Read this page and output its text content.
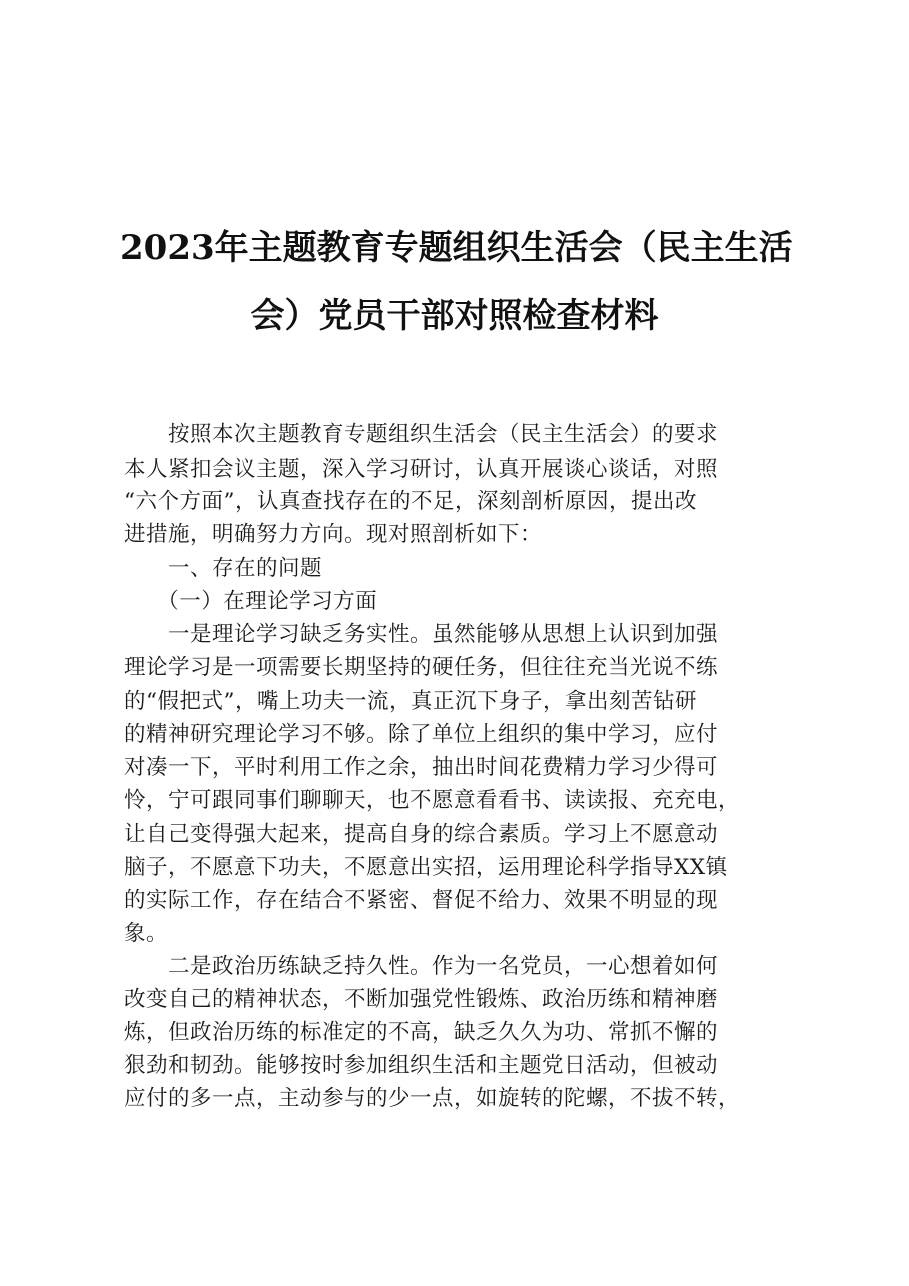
2023年主题教育专题组织生活会（民主生活
会）党员干部对照检查材料
　　按照本次主题教育专题组织生活会（民主生活会）的要求
本人紧扣会议主题，深入学习研讨，认真开展谈心谈话，对照
“六个方面”，认真查找存在的不足，深刻剖析原因，提出改
进措施，明确努力方向。现对照剖析如下：
　　一、存在的问题
　　（一）在理论学习方面
　　一是理论学习缺乏务实性。虽然能够从思想上认识到加强
理论学习是一项需要长期坚持的硬任务，但往往充当光说不练
的“假把式”，嘴上功夫一流，真正沉下身子，拿出刻苦钻研
的精神研究理论学习不够。除了单位上组织的集中学习，应付
对凑一下，平时利用工作之余，抽出时间花费精力学习少得可
怜，宁可跟同事们聊聊天，也不愿意看看书、读读报、充充电，
让自己变得强大起来，提高自身的综合素质。学习上不愿意动
脑子，不愿意下功夫，不愿意出实招，运用理论科学指导XX镇
的实际工作，存在结合不紧密、督促不给力、效果不明显的现
象。
　　二是政治历练缺乏持久性。作为一名党员，一心想着如何
改变自己的精神状态，不断加强党性锻炼、政治历练和精神磨
炼，但政治历练的标准定的不高，缺乏久久为功、常抓不懈的
狠劲和韧劲。能够按时参加组织生活和主题党日活动，但被动
应付的多一点，主动参与的少一点，如旋转的陀螺，不拔不转，
